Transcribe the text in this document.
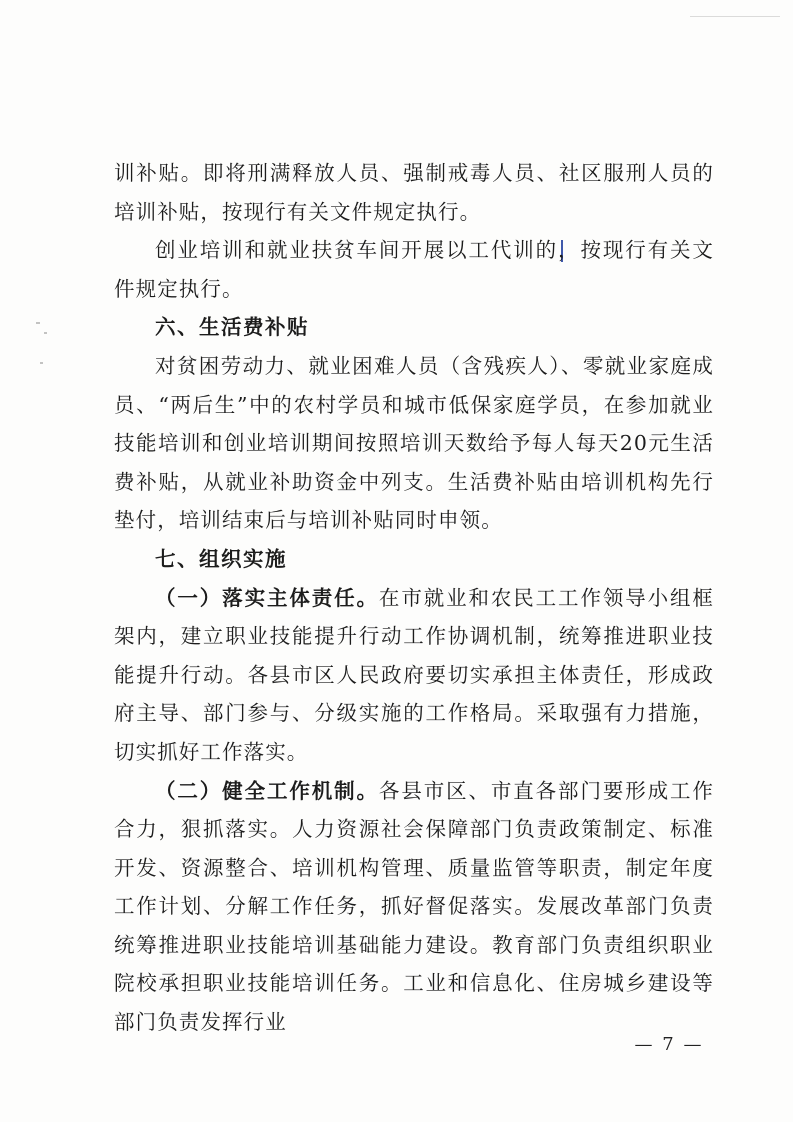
训补贴。即将刑满释放人员、强制戒毒人员、社区服刑人员的培训补贴，按现行有关文件规定执行。

创业培训和就业扶贫车间开展以工代训的，按现行有关文件规定执行。

六、生活费补贴

对贫困劳动力、就业困难人员（含残疾人）、零就业家庭成员、“两后生”中的农村学员和城市低保家庭学员，在参加就业技能培训和创业培训期间按照培训天数给予每人每天20元生活费补贴，从就业补助资金中列支。生活费补贴由培训机构先行垫付，培训结束后与培训补贴同时申领。

七、组织实施

（一）落实主体责任。在市就业和农民工工作领导小组框架内，建立职业技能提升行动工作协调机制，统筹推进职业技能提升行动。各县市区人民政府要切实承担主体责任，形成政府主导、部门参与、分级实施的工作格局。采取强有力措施，切实抓好工作落实。

（二）健全工作机制。各县市区、市直各部门要形成工作合力，狠抓落实。人力资源社会保障部门负责政策制定、标准开发、资源整合、培训机构管理、质量监管等职责，制定年度工作计划、分解工作任务，抓好督促落实。发展改革部门负责统筹推进职业技能培训基础能力建设。教育部门负责组织职业院校承担职业技能培训任务。工业和信息化、住房城乡建设等部门负责发挥行业

— 7 —
